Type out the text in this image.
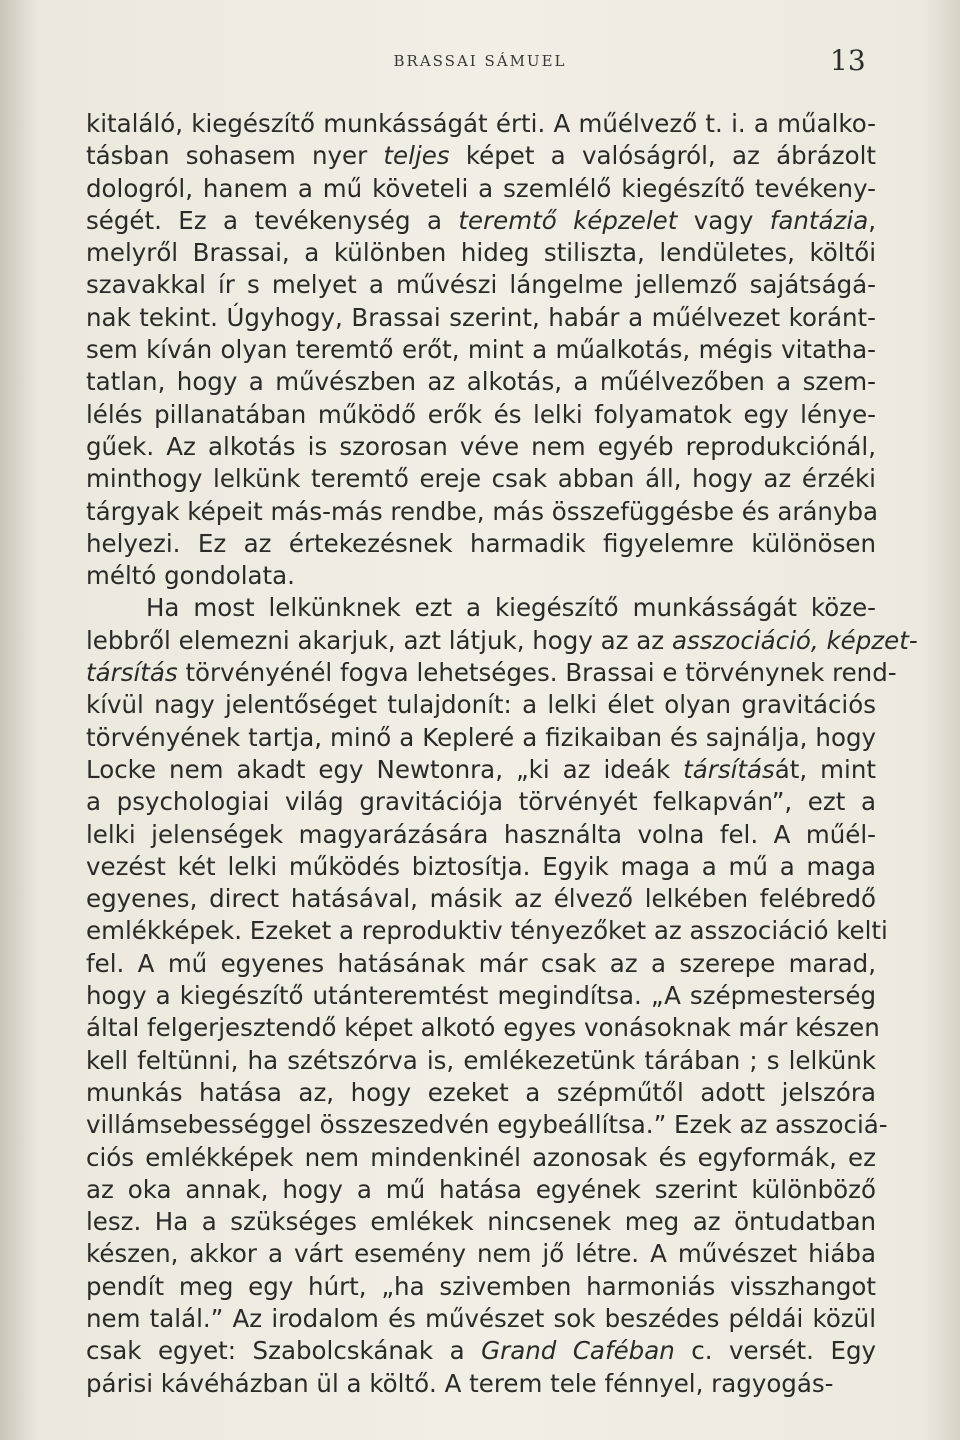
BRASSAI SÁMUEL	13
kitaláló, kiegészítő munkásságát érti. A műélvező t. i. a műalko-
tásban sohasem nyer teljes képet a valóságról, az ábrázolt
dologról, hanem a mű követeli a szemlélő kiegészítő tevékeny-
ségét. Ez a tevékenység a teremtő képzelet vagy fantázia,
melyről Brassai, a különben hideg stiliszta, lendületes, költői
szavakkal ír s melyet a művészi lángelme jellemző sajátságá-
nak tekint. Úgyhogy, Brassai szerint, habár a műélvezet koránt-
sem kíván olyan teremtő erőt, mint a műalkotás, mégis vitatha-
tatlan, hogy a művészben az alkotás, a műélvezőben a szem-
lélés pillanatában működő erők és lelki folyamatok egy lénye-
gűek. Az alkotás is szorosan véve nem egyéb reprodukciónál,
minthogy lelkünk teremtő ereje csak abban áll, hogy az érzéki
tárgyak képeit más-más rendbe, más összefüggésbe és arányba
helyezi. Ez az értekezésnek harmadik figyelemre különösen
méltó gondolata.
Ha most lelkünknek ezt a kiegészítő munkásságát köze-
lebbről elemezni akarjuk, azt látjuk, hogy az az asszociáció, képzet-
társítás törvényénél fogva lehetséges. Brassai e törvénynek rend-
kívül nagy jelentőséget tulajdonít: a lelki élet olyan gravitációs
törvényének tartja, minő a Kepleré a fizikaiban és sajnálja, hogy
Locke nem akadt egy Newtonra, „ki az ideák társítását, mint
a psychologiai világ gravitációja törvényét felkapván”, ezt a
lelki jelenségek magyarázására használta volna fel. A műél-
vezést két lelki működés biztosítja. Egyik maga a mű a maga
egyenes, direct hatásával, másik az élvező lelkében felébredő
emlékképek. Ezeket a reproduktiv tényezőket az asszociáció kelti
fel. A mű egyenes hatásának már csak az a szerepe marad,
hogy a kiegészítő utánteremtést megindítsa. „A szépmesterség
által felgerjesztendő képet alkotó egyes vonásoknak már készen
kell feltünni, ha szétszórva is, emlékezetünk tárában ; s lelkünk
munkás hatása az, hogy ezeket a szépműtől adott jelszóra
villámsebességgel összeszedvén egybeállítsa.” Ezek az asszociá-
ciós emlékképek nem mindenkinél azonosak és egyformák, ez
az oka annak, hogy a mű hatása egyének szerint különböző
lesz. Ha a szükséges emlékek nincsenek meg az öntudatban
készen, akkor a várt esemény nem jő létre. A művészet hiába
pendít meg egy húrt, „ha szivemben harmoniás visszhangot
nem talál.” Az irodalom és művészet sok beszédes példái közül
csak egyet: Szabolcskának a Grand Caféban c. versét. Egy
párisi kávéházban ül a költő. A terem tele fénnyel, ragyogás-
